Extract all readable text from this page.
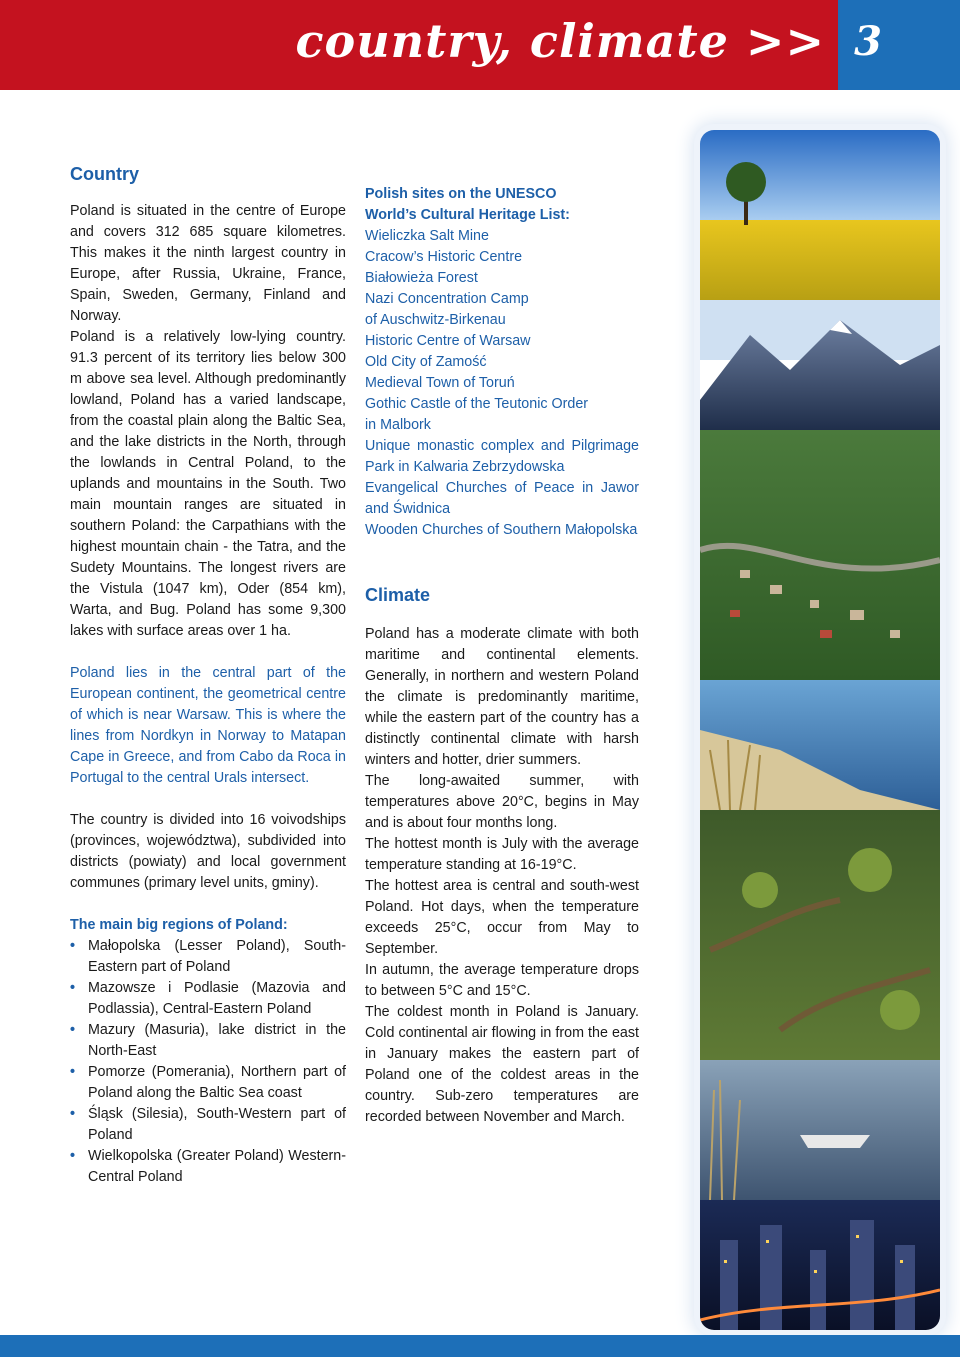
country, climate >> 3
Country

Poland is situated in the centre of Europe and covers 312 685 square kilometres. This makes it the ninth largest country in Europe, after Russia, Ukraine, France, Spain, Sweden, Germany, Finland and Norway.

Poland is a relatively low-lying country. 91.3 percent of its territory lies below 300 m above sea level. Although predominantly lowland, Poland has a varied landscape, from the coastal plain along the Baltic Sea, and the lake districts in the North, through the lowlands in Central Poland, to the uplands and mountains in the South. Two main mountain ranges are situated in southern Poland: the Carpathians with the highest mountain chain - the Tatra, and the Sudety Mountains. The longest rivers are the Vistula (1047 km), Oder (854 km), Warta, and Bug. Poland has some 9,300 lakes with surface areas over 1 ha.

Poland lies in the central part of the European continent, the geometrical centre of which is near Warsaw. This is where the lines from Nordkyn in Norway to Matapan Cape in Greece, and from Cabo da Roca in Portugal to the central Urals intersect.

The country is divided into 16 voivodships (provinces, województwa), subdivided into districts (powiaty) and local government communes (primary level units, gminy).

The main big regions of Poland:
• Małopolska (Lesser Poland), South-Eastern part of Poland
• Mazowsze i Podlasie (Mazovia and Podlassia), Central-Eastern Poland
• Mazury (Masuria), lake district in the North-East
• Pomorze (Pomerania), Northern part of Poland along the Baltic Sea coast
• Śląsk (Silesia), South-Western part of Poland
• Wielkopolska (Greater Poland) Western-Central Poland
Polish sites on the UNESCO
World’s Cultural Heritage List:
Wieliczka Salt Mine
Cracow’s Historic Centre
Białowieża Forest
Nazi Concentration Camp
of Auschwitz-Birkenau
Historic Centre of Warsaw
Old City of Zamość
Medieval Town of Toruń
Gothic Castle of the Teutonic Order
in Malbork

Unique monastic complex and Pilgrimage Park in Kalwaria Zebrzydowska

Evangelical Churches of Peace in Jawor and Świdnica

Wooden Churches of Southern Małopolska
Climate

Poland has a moderate climate with both maritime and continental elements. Generally, in northern and western Poland the climate is predominantly maritime, while the eastern part of the country has a distinctly continental climate with harsh winters and hotter, drier summers.

The long-awaited summer, with temperatures above 20°C, begins in May and is about four months long.

The hottest month is July with the average temperature standing at 16-19°C.

The hottest area is central and south-west Poland. Hot days, when the temperature exceeds 25°C, occur from May to September.

In autumn, the average temperature drops to between 5°C and 15°C.

The coldest month in Poland is January. Cold continental air flowing in from the east in January makes the eastern part of Poland one of the coldest areas in the country. Sub-zero temperatures are recorded between November and March.
